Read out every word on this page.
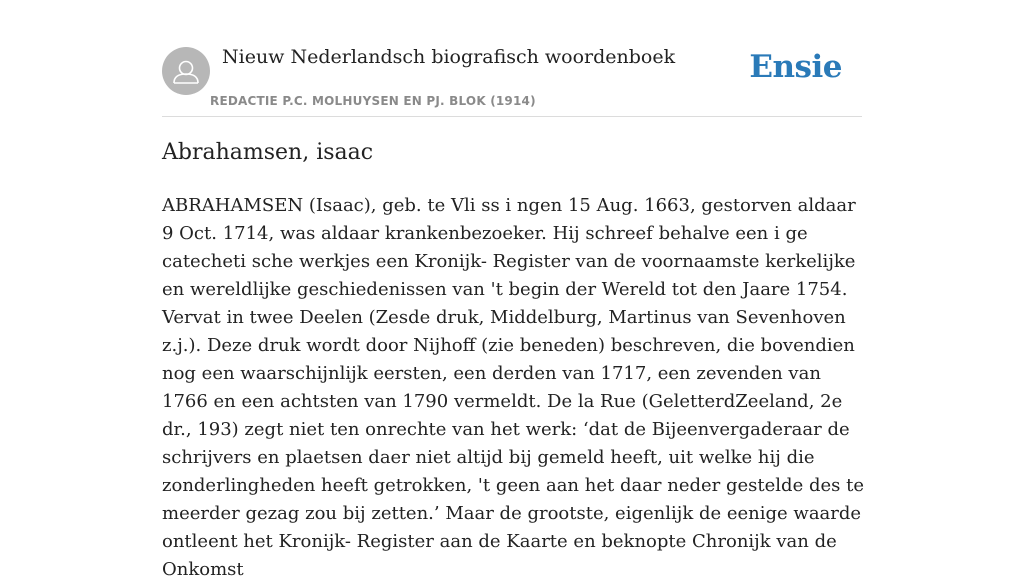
Nieuw Nederlandsch biografisch woordenboek
REDACTIE P.C. MOLHUYSEN EN PJ. BLOK (1914)
Ensie
Abrahamsen, isaac

ABRAHAMSEN (Isaac), geb. te Vli ss i ngen 15 Aug. 1663, gestorven aldaar 9 Oct. 1714, was aldaar krankenbezoeker. Hij schreef behalve een i ge catecheti sche werkjes een Kronijk- Register van de voornaamste kerkelijke en wereldlijke geschiedenissen van 't begin der Wereld tot den Jaare 1754. Vervat in twee Deelen (Zesde druk, Middelburg, Martinus van Sevenhoven z.j.). Deze druk wordt door Nijhoff (zie beneden) beschreven, die bovendien nog een waarschijnlijk eersten, een derden van 1717, een zevenden van 1766 en een achtsten van 1790 vermeldt. De la Rue (GeletterdZeeland, 2e dr., 193) zegt niet ten onrechte van het werk: ‘dat de Bijeenvergaderaar de schrijvers en plaetsen daer niet altijd bij gemeld heeft, uit welke hij die zonderlingheden heeft getrokken, 't geen aan het daar neder gestelde des te meerder gezag zou bij zetten.’ Maar de grootste, eigenlijk de eenige waarde ontleent het Kronijk- Register aan de Kaarte en beknopte Chronijk van de Onkomst
